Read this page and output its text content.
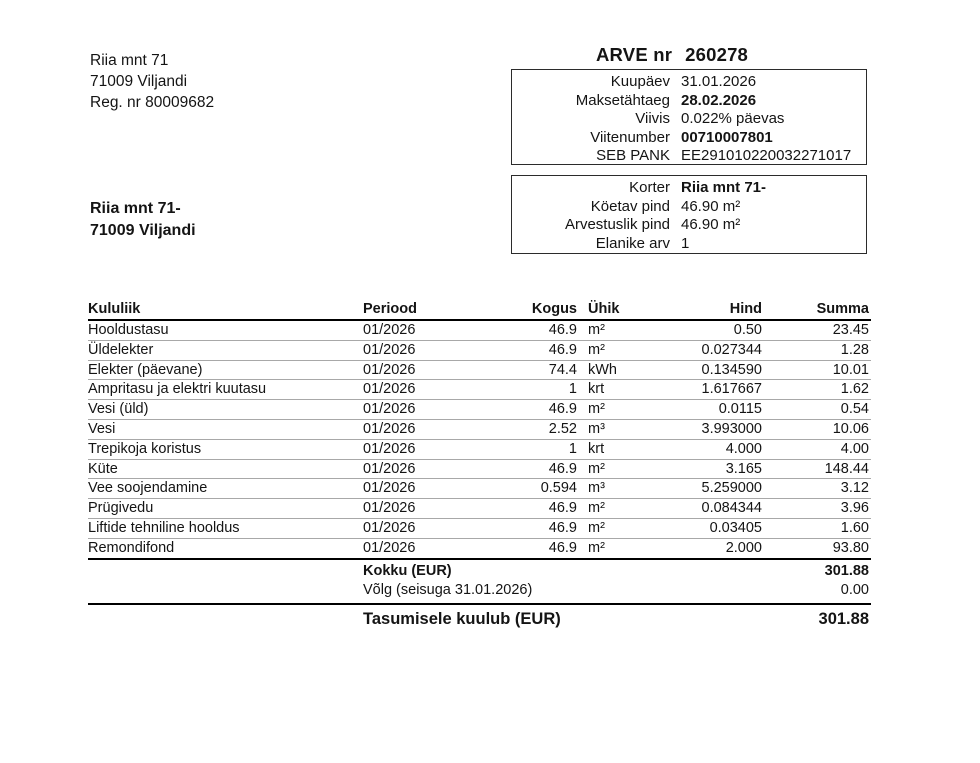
Riia mnt 71
71009 Viljandi
Reg. nr 80009682
ARVE nr 260278
Kuupäev 31.01.2026
Maksetähtaeg 28.02.2026
Viivis 0.022% päevas
Viitenumber 00710007801
SEB PANK EE291010220032271017
Korter Riia mnt 71-
Köetav pind 46.90 m²
Arvestuslik pind 46.90 m²
Elanike arv 1
Riia mnt 71-
71009 Viljandi
Kululiik	Periood	Kogus	Ühik	Hind	Summa
Hooldustasu	01/2026	46.9	m²	0.50	23.45
Üldelekter	01/2026	46.9	m²	0.027344	1.28
Elekter (päevane)	01/2026	74.4	kWh	0.134590	10.01
Ampritasu ja elektri kuutasu	01/2026	1	krt	1.617667	1.62
Vesi (üld)	01/2026	46.9	m²	0.0115	0.54
Vesi	01/2026	2.52	m³	3.993000	10.06
Trepikoja koristus	01/2026	1	krt	4.000	4.00
Küte	01/2026	46.9	m²	3.165	148.44
Vee soojendamine	01/2026	0.594	m³	5.259000	3.12
Prügivedu	01/2026	46.9	m²	0.084344	3.96
Liftide tehniline hooldus	01/2026	46.9	m²	0.03405	1.60
Remondifond	01/2026	46.9	m²	2.000	93.80
Kokku (EUR)	301.88
Võlg (seisuga 31.01.2026)	0.00
Tasumisele kuulub (EUR)	301.88
